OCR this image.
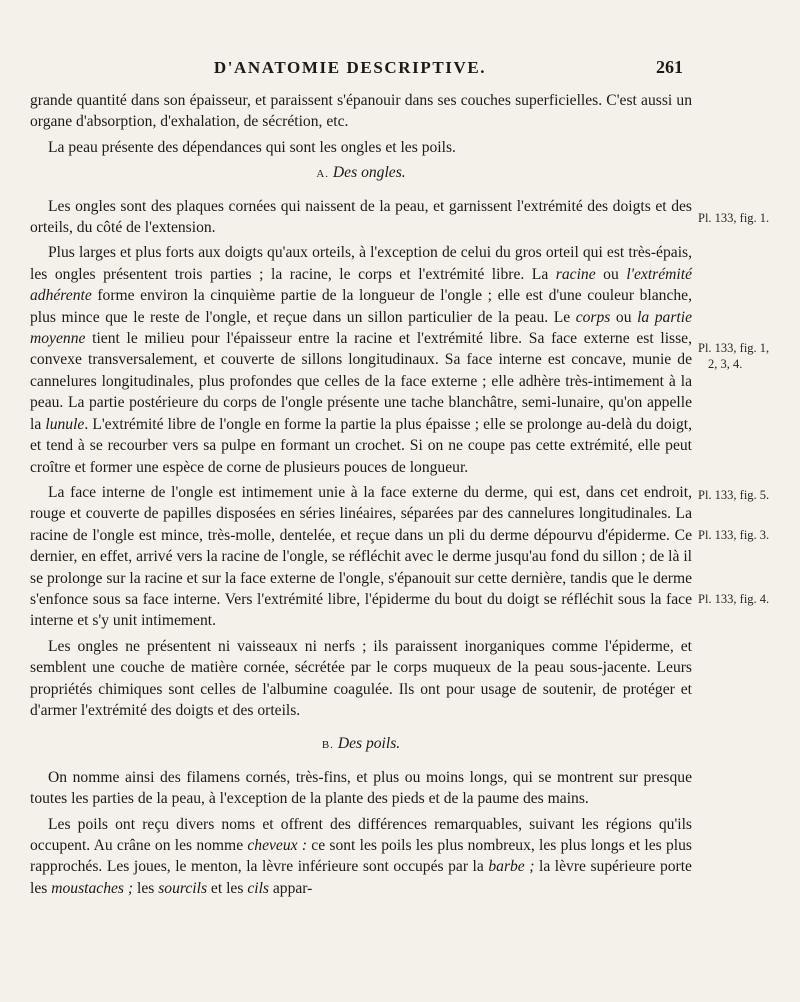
D'ANATOMIE DESCRIPTIVE.	261

grande quantité dans son épaisseur, et paraissent s'épanouir dans ses couches superficielles. C'est aussi un organe d'absorption, d'exhalation, de sécrétion, etc.

La peau présente des dépendances qui sont les ongles et les poils.

A. Des ongles.

Les ongles sont des plaques cornées qui naissent de la peau, et garnissent l'extrémité des doigts et des orteils, du côté de l'extension.

Plus larges et plus forts aux doigts qu'aux orteils, à l'exception de celui du gros orteil qui est très-épais, les ongles présentent trois parties ; la racine, le corps et l'extrémité libre. La racine ou l'extrémité adhérente forme environ la cinquième partie de la longueur de l'ongle ; elle est d'une couleur blanche, plus mince que le reste de l'ongle, et reçue dans un sillon particulier de la peau. Le corps ou la partie moyenne tient le milieu pour l'épaisseur entre la racine et l'extrémité libre. Sa face externe est lisse, convexe transversalement, et couverte de sillons longitudinaux. Sa face interne est concave, munie de cannelures longitudinales, plus profondes que celles de la face externe ; elle adhère très-intimement à la peau. La partie postérieure du corps de l'ongle présente une tache blanchâtre, semi-lunaire, qu'on appelle la lunule. L'extrémité libre de l'ongle en forme la partie la plus épaisse ; elle se prolonge au-delà du doigt, et tend à se recourber vers sa pulpe en formant un crochet. Si on ne coupe pas cette extrémité, elle peut croître et former une espèce de corne de plusieurs pouces de longueur.

La face interne de l'ongle est intimement unie à la face externe du derme, qui est, dans cet endroit, rouge et couverte de papilles disposées en séries linéaires, séparées par des cannelures longitudinales. La racine de l'ongle est mince, très-molle, dentelée, et reçue dans un pli du derme dépourvu d'épiderme. Ce dernier, en effet, arrivé vers la racine de l'ongle, se réfléchit avec le derme jusqu'au fond du sillon ; de là il se prolonge sur la racine et sur la face externe de l'ongle, s'épanouit sur cette dernière, tandis que le derme s'enfonce sous sa face interne. Vers l'extrémité libre, l'épiderme du bout du doigt se réfléchit sous la face interne et s'y unit intimement.

Les ongles ne présentent ni vaisseaux ni nerfs ; ils paraissent inorganiques comme l'épiderme, et semblent une couche de matière cornée, sécrétée par le corps muqueux de la peau sous-jacente. Leurs propriétés chimiques sont celles de l'albumine coagulée. Ils ont pour usage de soutenir, de protéger et d'armer l'extrémité des doigts et des orteils.

B. Des poils.

On nomme ainsi des filamens cornés, très-fins, et plus ou moins longs, qui se montrent sur presque toutes les parties de la peau, à l'exception de la plante des pieds et de la paume des mains.

Les poils ont reçu divers noms et offrent des différences remarquables, suivant les régions qu'ils occupent. Au crâne on les nomme cheveux : ce sont les poils les plus nombreux, les plus longs et les plus rapprochés. Les joues, le menton, la lèvre inférieure sont occupés par la barbe ; la lèvre supérieure porte les moustaches ; les sourcils et les cils appar-

Pl. 133, fig. 1.
Pl. 133, fig. 1,
2, 3, 4.
Pl. 133, fig. 5.
Pl. 133, fig. 3.
Pl. 133, fig. 4.
